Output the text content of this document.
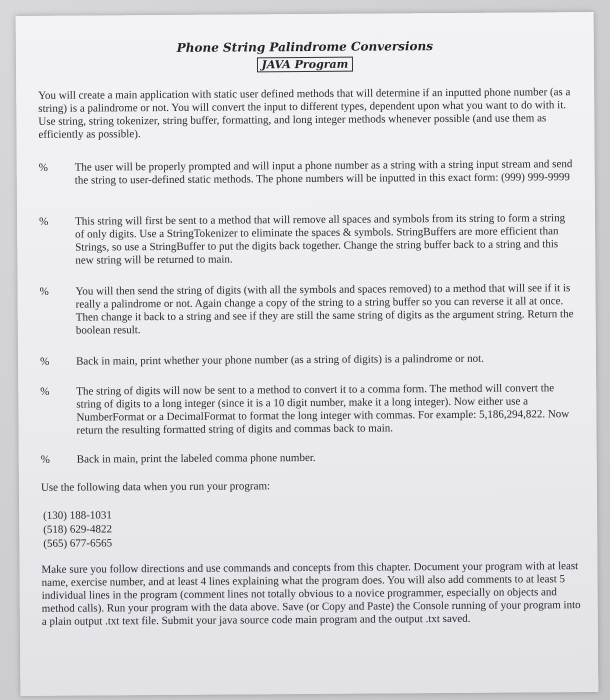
Phone String Palindrome Conversions
JAVA Program
You will create a main application with static user defined methods that will determine if an inputted phone number (as a string) is a palindrome or not. You will convert the input to different types, dependent upon what you want to do with it. Use string, string tokenizer, string buffer, formatting, and long integer methods whenever possible (and use them as efficiently as possible).
% The user will be properly prompted and will input a phone number as a string with a string input stream and send the string to user-defined static methods. The phone numbers will be inputted in this exact form: (999) 999-9999
% This string will first be sent to a method that will remove all spaces and symbols from its string to form a string of only digits. Use a StringTokenizer to eliminate the spaces & symbols. StringBuffers are more efficient than Strings, so use a StringBuffer to put the digits back together. Change the string buffer back to a string and this new string will be returned to main.
% You will then send the string of digits (with all the symbols and spaces removed) to a method that will see if it is really a palindrome or not. Again change a copy of the string to a string buffer so you can reverse it all at once. Then change it back to a string and see if they are still the same string of digits as the argument string. Return the boolean result.
% Back in main, print whether your phone number (as a string of digits) is a palindrome or not.
% The string of digits will now be sent to a method to convert it to a comma form. The method will convert the string of digits to a long integer (since it is a 10 digit number, make it a long integer). Now either use a NumberFormat or a DecimalFormat to format the long integer with commas. For example: 5,186,294,822. Now return the resulting formatted string of digits and commas back to main.
% Back in main, print the labeled comma phone number.
Use the following data when you run your program:
(130) 188-1031
(518) 629-4822
(565) 677-6565
Make sure you follow directions and use commands and concepts from this chapter. Document your program with at least name, exercise number, and at least 4 lines explaining what the program does. You will also add comments to at least 5 individual lines in the program (comment lines not totally obvious to a novice programmer, especially on objects and method calls). Run your program with the data above. Save (or Copy and Paste) the Console running of your program into a plain output .txt text file. Submit your java source code main program and the output .txt saved.
